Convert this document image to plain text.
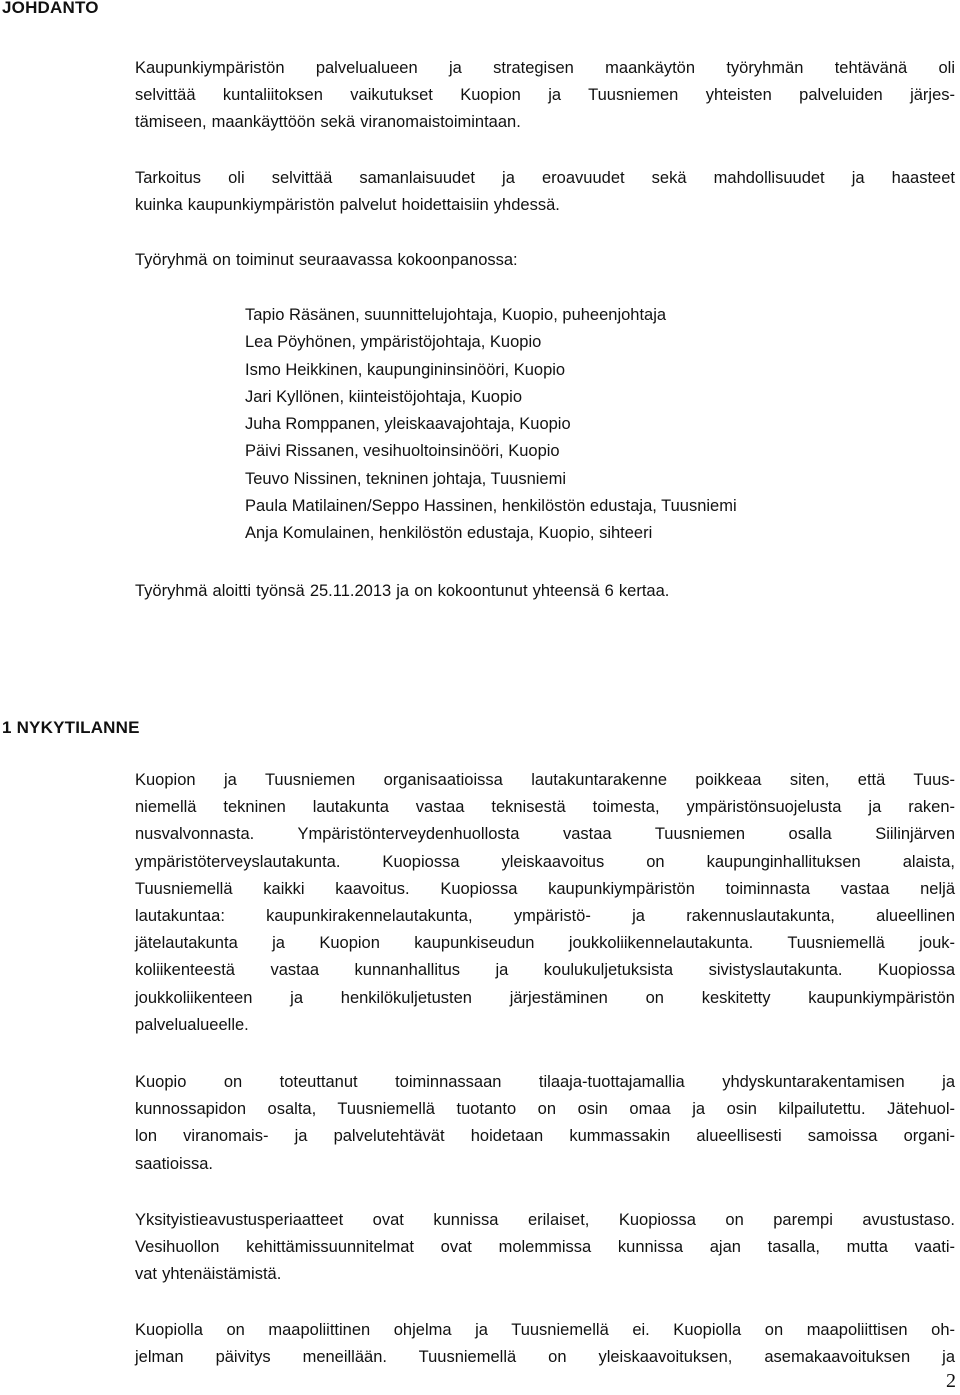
JOHDANTO

Kaupunkiympäristön palvelualueen ja strategisen maankäytön työryhmän tehtävänä oli
selvittää kuntaliitoksen vaikutukset Kuopion ja Tuusniemen yhteisten palveluiden järjes-
tämiseen, maankäyttöön sekä viranomaistoimintaan.

Tarkoitus oli selvittää samanlaisuudet ja eroavuudet sekä mahdollisuudet ja haasteet
kuinka kaupunkiympäristön palvelut hoidettaisiin yhdessä.

Työryhmä on toiminut seuraavassa kokoonpanossa:

Tapio Räsänen, suunnittelujohtaja, Kuopio, puheenjohtaja
Lea Pöyhönen, ympäristöjohtaja, Kuopio
Ismo Heikkinen, kaupungininsinööri, Kuopio
Jari Kyllönen, kiinteistöjohtaja, Kuopio
Juha Romppanen, yleiskaavajohtaja, Kuopio
Päivi Rissanen, vesihuoltoinsinööri, Kuopio
Teuvo Nissinen, tekninen johtaja, Tuusniemi
Paula Matilainen/Seppo Hassinen, henkilöstön edustaja, Tuusniemi
Anja Komulainen, henkilöstön edustaja, Kuopio, sihteeri

Työryhmä aloitti työnsä 25.11.2013 ja on kokoontunut yhteensä 6 kertaa.

1 NYKYTILANNE

Kuopion ja Tuusniemen organisaatioissa lautakuntarakenne poikkeaa siten, että Tuus-
niemellä tekninen lautakunta vastaa teknisestä toimesta, ympäristönsuojelusta ja raken-
nusvalvonnasta. Ympäristönterveydenhuollosta vastaa Tuusniemen osalla Siilinjärven
ympäristöterveyslautakunta. Kuopiossa yleiskaavoitus on kaupunginhallituksen alaista,
Tuusniemellä kaikki kaavoitus. Kuopiossa kaupunkiympäristön toiminnasta vastaa neljä
lautakuntaa: kaupunkirakennelautakunta, ympäristö- ja rakennuslautakunta, alueellinen
jätelautakunta ja Kuopion kaupunkiseudun joukkoliikennelautakunta. Tuusniemellä jouk-
koliikenteestä vastaa kunnanhallitus ja koulukuljetuksista sivistyslautakunta. Kuopiossa
joukkoliikenteen ja henkilökuljetusten järjestäminen on keskitetty kaupunkiympäristön
palvelualueelle.

Kuopio on toteuttanut toiminnassaan tilaaja-tuottajamallia yhdyskuntarakentamisen ja
kunnossapidon osalta, Tuusniemellä tuotanto on osin omaa ja osin kilpailutettu. Jätehuol-
lon viranomais- ja palvelutehtävät hoidetaan kummassakin alueellisesti samoissa organi-
saatioissa.

Yksityistieavustusperiaatteet ovat kunnissa erilaiset, Kuopiossa on parempi avustustaso.
Vesihuollon kehittämissuunnitelmat ovat molemmissa kunnissa ajan tasalla, mutta vaati-
vat yhtenäistämistä.

Kuopiolla on maapoliittinen ohjelma ja Tuusniemellä ei. Kuopiolla on maapoliittisen oh-
jelman päivitys meneillään. Tuusniemellä on yleiskaavoituksen, asemakaavoituksen ja

2
